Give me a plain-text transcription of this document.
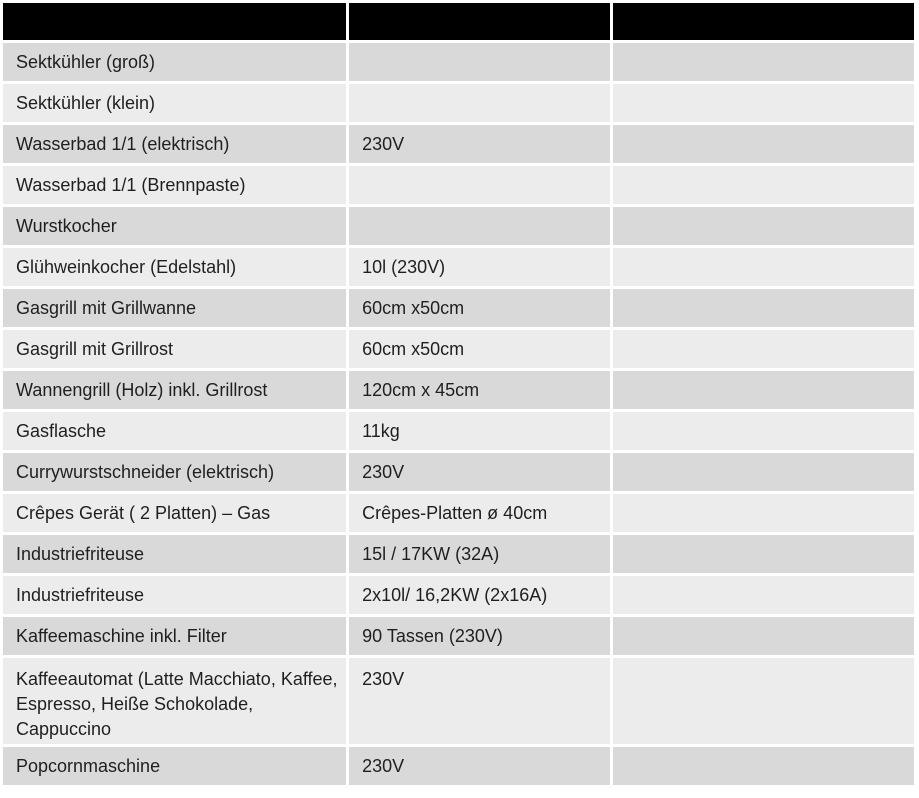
Sektkühler (groß)		
Sektkühler (klein)		
Wasserbad 1/1 (elektrisch)	230V	
Wasserbad 1/1 (Brennpaste)		
Wurstkocher		
Glühweinkocher (Edelstahl)	10l (230V)	
Gasgrill mit Grillwanne	60cm x50cm	
Gasgrill mit Grillrost	60cm x50cm	
Wannengrill (Holz) inkl. Grillrost	120cm x 45cm	
Gasflasche	11kg	
Currywurstschneider (elektrisch)	230V	
Crêpes Gerät ( 2 Platten) – Gas	Crêpes-Platten ø 40cm	
Industriefriteuse	15l / 17KW (32A)	
Industriefriteuse	2x10l/ 16,2KW (2x16A)	
Kaffeemaschine inkl. Filter	90 Tassen (230V)	
Kaffeeautomat (Latte Macchiato, Kaffee, Espresso, Heiße Schokolade, Cappuccino	230V	
Popcornmaschine	230V	
